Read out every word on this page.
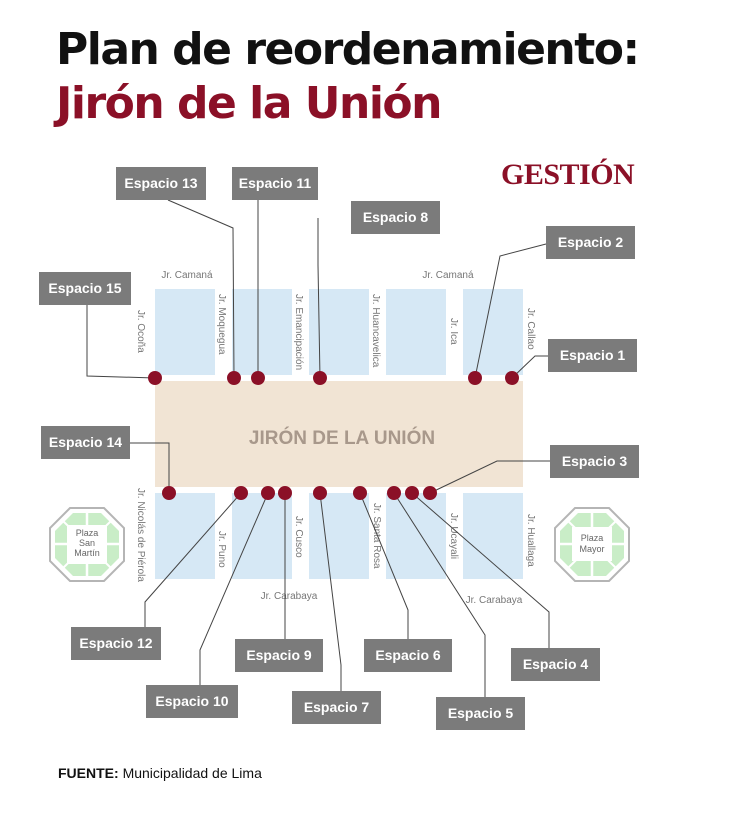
Plan de reordenamiento:
Jirón de la Unión
GESTIÓN
JIRÓN DE LA UNIÓN
Jr. Camaná	Jr. Camaná
Jr. Carabaya	Jr. Carabaya
Jr. Ocoña	Jr. Moquegua	Jr. Emancipación	Jr. Huancavelica	Jr. Ica	Jr. Callao
Jr. Nicolás de Piérola	Jr. Puno	Jr. Cusco	Jr. Santa Rosa	Jr. Ucayali	Jr. Huallaga
Plaza
San
Martín
Plaza
Mayor
Espacio 13	Espacio 11
Espacio 8
Espacio 2
Espacio 15
Espacio 1
Espacio 14
Espacio 3
Espacio 12
Espacio 6
Espacio 9
Espacio 4
Espacio 10	Espacio 7	Espacio 5
FUENTE: Municipalidad de Lima
